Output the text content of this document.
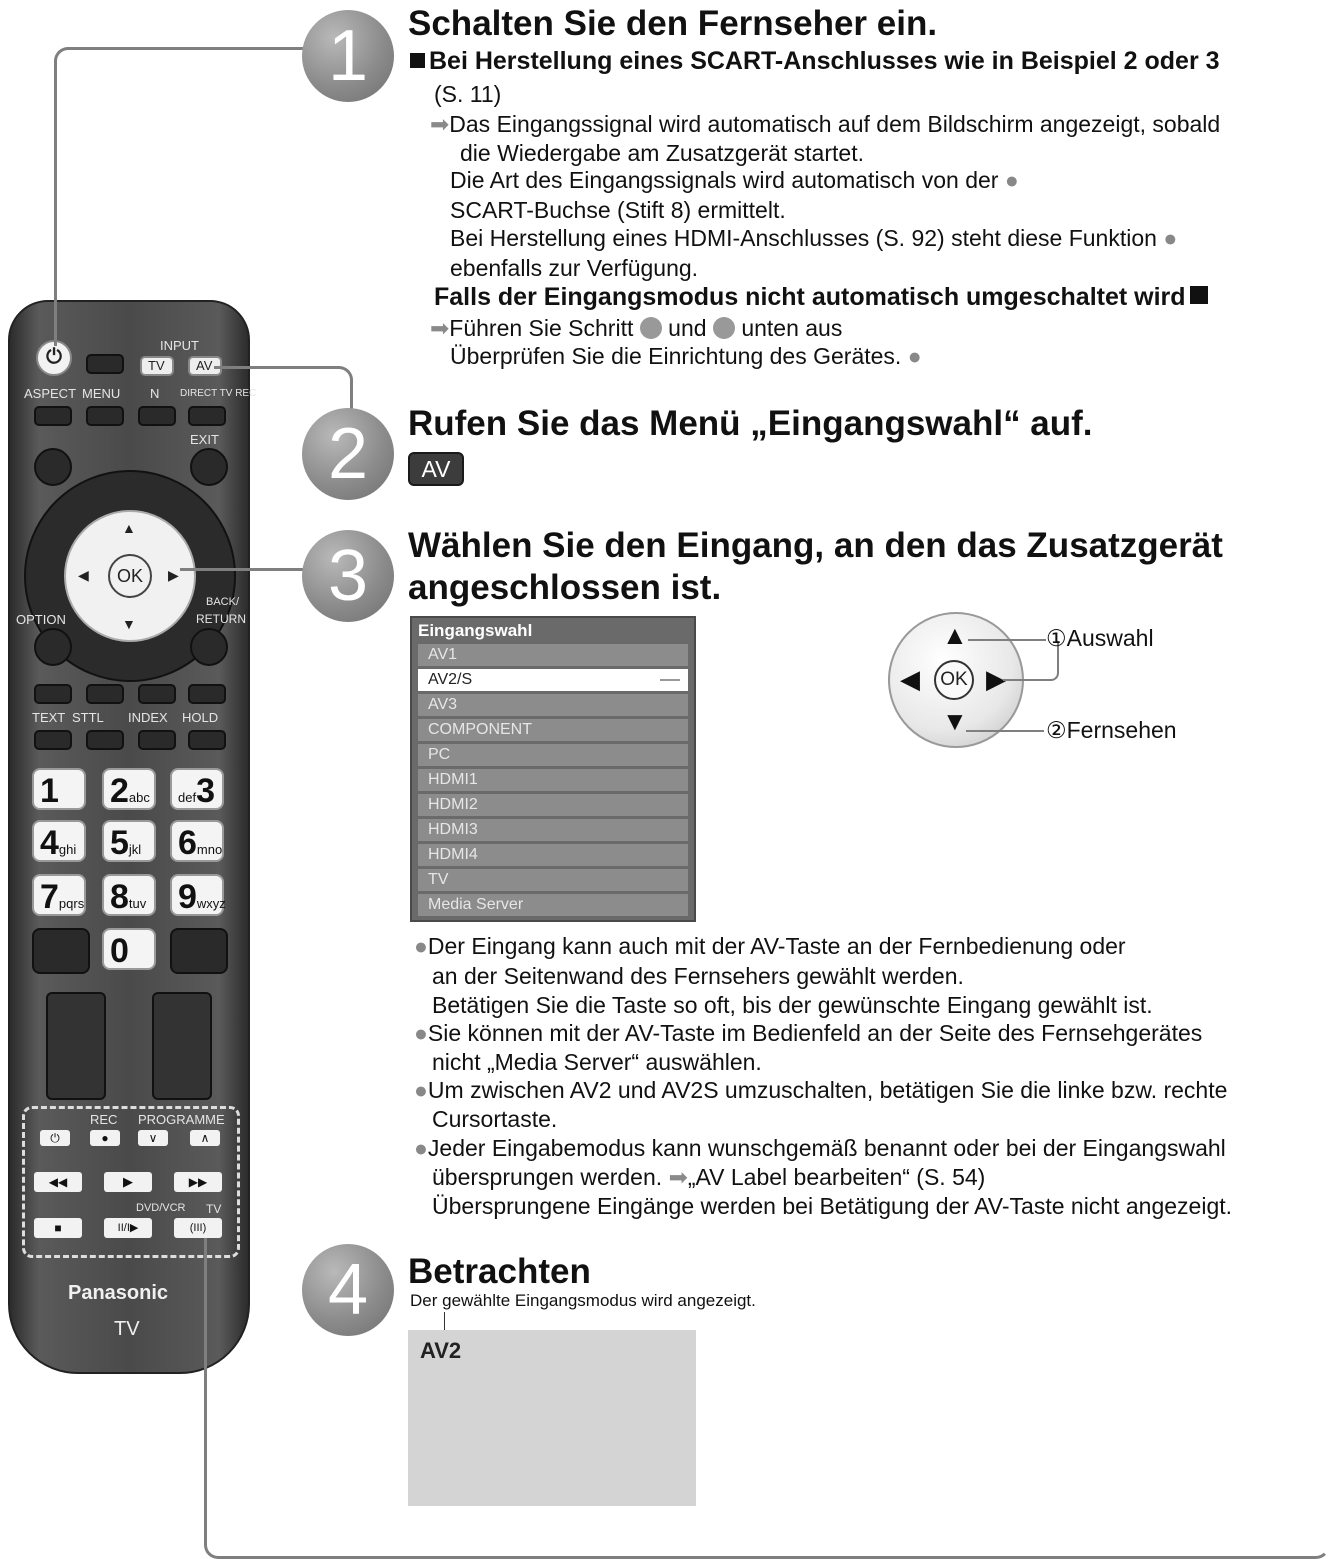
⏻
INPUT
TV AV
ASPECT MENU N DIRECT TV REC
EXIT
▲
▼
◀	▶
OK
OPTION
BACK/
RETURN
TEXT STTL INDEX HOLD
1	2abc	def3
4ghi 5jkl	6mno
7pqrs 8tuv 9wxyz
0
REC PROGRAMME
⏻	●	∨	∧
◀◀	▶	▶▶
DVD/VCR TV
■	II/I▶	(III)
Panasonic
TV
1	Schalten Sie den Fernseher ein.
Bei Herstellung eines SCART-Anschlusses wie in Beispiel 2 oder 3
(S. 11)
➡Das Eingangssignal wird automatisch auf dem Bildschirm angezeigt, sobald
die Wiedergabe am Zusatzgerät startet.
Die Art des Eingangssignals wird automatisch von der ●
SCART-Buchse (Stift 8) ermittelt.
Bei Herstellung eines HDMI-Anschlusses (S. 92) steht diese Funktion ●
ebenfalls zur Verfügung.
Falls der Eingangsmodus nicht automatisch umgeschaltet wird
➡Führen Sie Schritt und unten aus
Überprüfen Sie die Einrichtung des Gerätes. ●
2	Rufen Sie das Menü „Eingangswahl“ auf.
AV
3	Wählen Sie den Eingang, an den das Zusatzgerät
angeschlossen ist.
Eingangswahl
AV1
AV2/S
AV3
COMPONENT
PC
HDMI1
HDMI2
HDMI3
HDMI4
TV
Media Server
▲
▼
◀	▶
OK
①Auswahl
②Fernsehen
●Der Eingang kann auch mit der AV-Taste an der Fernbedienung oder
an der Seitenwand des Fernsehers gewählt werden.
Betätigen Sie die Taste so oft, bis der gewünschte Eingang gewählt ist.
●Sie können mit der AV-Taste im Bedienfeld an der Seite des Fernsehgerätes
nicht „Media Server“ auswählen.
●Um zwischen AV2 und AV2S umzuschalten, betätigen Sie die linke bzw. rechte
Cursortaste.
●Jeder Eingabemodus kann wunschgemäß benannt oder bei der Eingangswahl
übersprungen werden. ➡„AV Label bearbeiten“ (S. 54)
Übersprungene Eingänge werden bei Betätigung der AV-Taste nicht angezeigt.
4	Betrachten
Der gewählte Eingangsmodus wird angezeigt.
AV2
